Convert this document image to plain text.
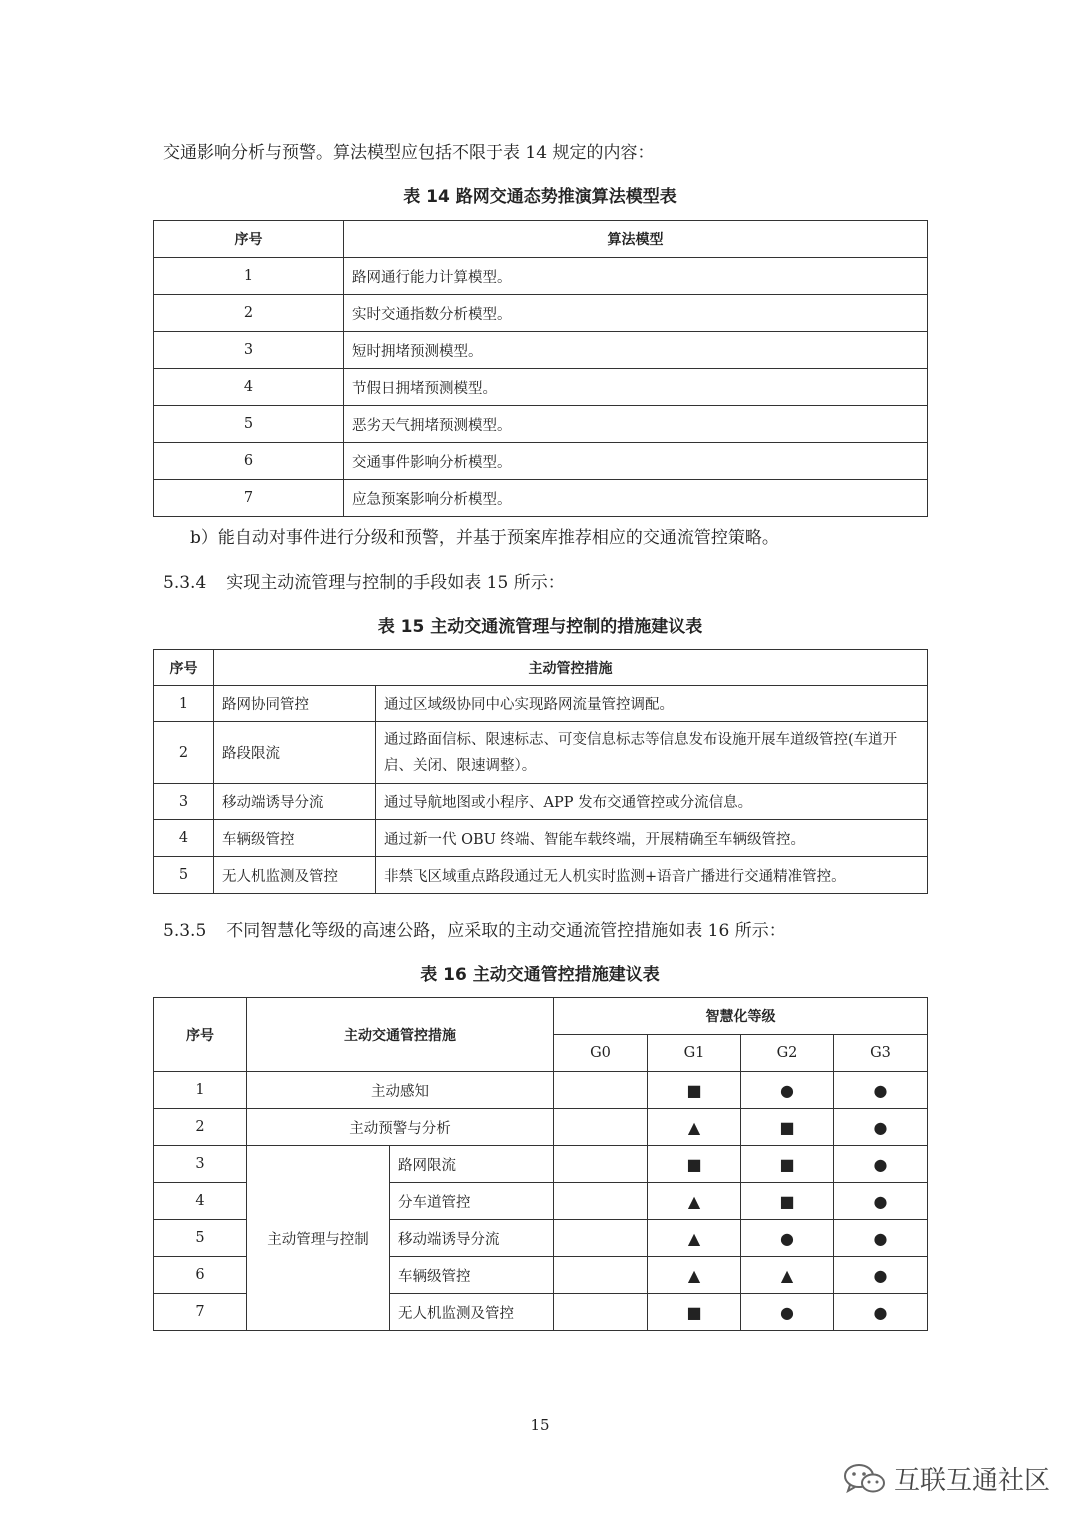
交通影响分析与预警。算法模型应包括不限于表 14 规定的内容：
表 14 路网交通态势推演算法模型表
序号	算法模型
1	路网通行能力计算模型。
2	实时交通指数分析模型。
3	短时拥堵预测模型。
4	节假日拥堵预测模型。
5	恶劣天气拥堵预测模型。
6	交通事件影响分析模型。
7	应急预案影响分析模型。
b）能自动对事件进行分级和预警，并基于预案库推荐相应的交通流管控策略。
5.3.4 实现主动流管理与控制的手段如表 15 所示：
表 15 主动交通流管理与控制的措施建议表
序号	主动管控措施	
1	路网协同管控	通过区域级协同中心实现路网流量管控调配。
2	路段限流	通过路面信标、限速标志、可变信息标志等信息发布设施开展车道级管控(车道开启、关闭、限速调整）。
3	移动端诱导分流	通过导航地图或小程序、APP 发布交通管控或分流信息。
4	车辆级管控	通过新一代 OBU 终端、智能车载终端，开展精确至车辆级管控。
5	无人机监测及管控	非禁飞区域重点路段通过无人机实时监测+语音广播进行交通精准管控。
5.3.5 不同智慧化等级的高速公路，应采取的主动交通流管控措施如表 16 所示：
表 16 主动交通管控措施建议表
序号	主动交通管控措施		智慧化等级			
			G0	G1	G2	G3
1	主动感知			■	●	●
2	主动预警与分析			▲	■	●
3	主动管理与控制	路网限流		■	■	●
4		分车道管控		▲	■	●
5		移动端诱导分流		▲	●	●
6		车辆级管控		▲	▲	●
7		无人机监测及管控		■	●	●
15
互联互通社区
